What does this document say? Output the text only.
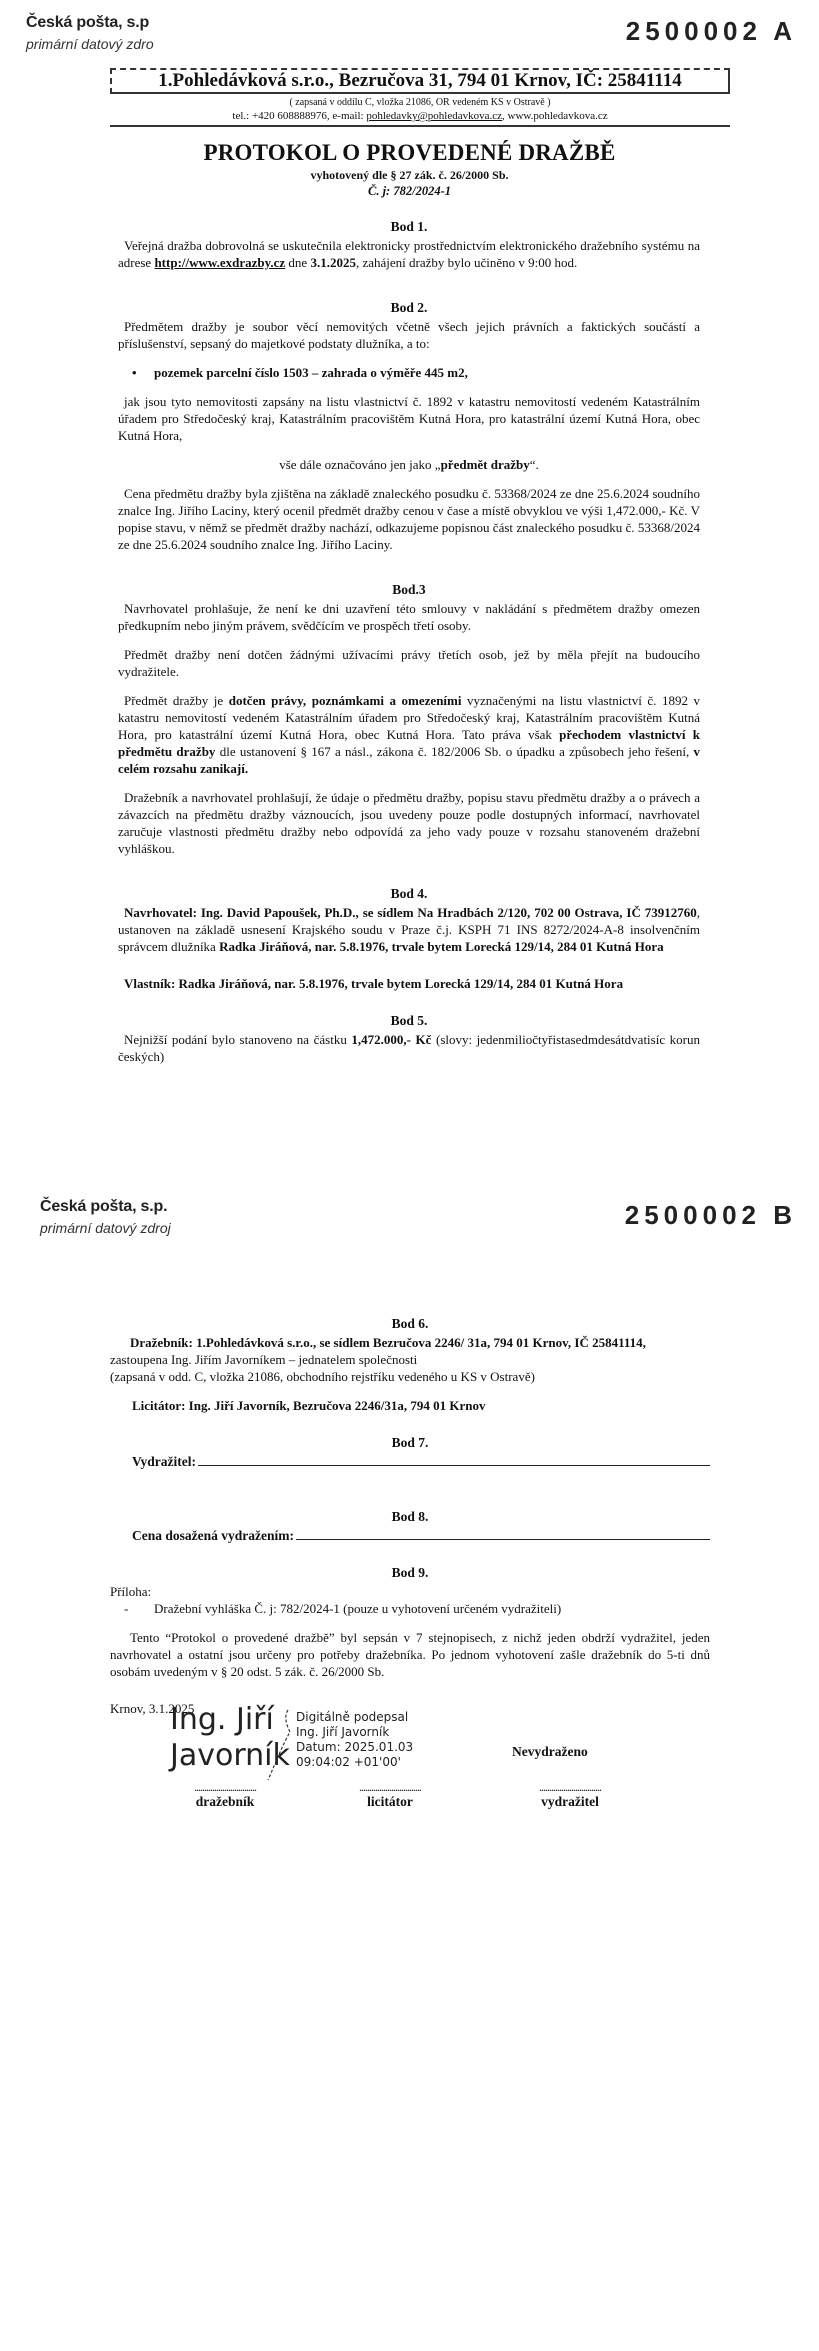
Česká pošta, s.p
primární datový zdro	2500002 A
1.Pohledávková s.r.o., Bezručova 31, 794 01 Krnov, IČ: 25841114
( zapsaná v oddílu C, vložka 21086, OR vedeném KS v Ostravě )
tel.: +420 608888976, e-mail: pohledavky@pohledavkova.cz, www.pohledavkova.cz
PROTOKOL O PROVEDENÉ DRAŽBĚ
vyhotovený dle § 27 zák. č. 26/2000 Sb.
Č. j: 782/2024-1
Bod 1.

Veřejná dražba dobrovolná se uskutečnila elektronicky prostřednictvím elektronického dražebního systému na adrese http://www.exdrazby.cz dne 3.1.2025, zahájení dražby bylo učiněno v 9:00 hod.

Bod 2.

Předmětem dražby je soubor věcí nemovitých včetně všech jejich právních a faktických součástí a příslušenství, sepsaný do majetkové podstaty dlužníka, a to:

• pozemek parcelní číslo 1503 – zahrada o výměře 445 m2,

jak jsou tyto nemovitosti zapsány na listu vlastnictví č. 1892 v katastru nemovitostí vedeném Katastrálním úřadem pro Středočeský kraj, Katastrálním pracovištěm Kutná Hora, pro katastrální území Kutná Hora, obec Kutná Hora,

vše dále označováno jen jako „předmět dražby“.

Cena předmětu dražby byla zjištěna na základě znaleckého posudku č. 53368/2024 ze dne 25.6.2024 soudního znalce Ing. Jiřího Laciny, který ocenil předmět dražby cenou v čase a místě obvyklou ve výši 1,472.000,- Kč. V popise stavu, v němž se předmět dražby nachází, odkazujeme popisnou část znaleckého posudku č. 53368/2024 ze dne 25.6.2024 soudního znalce Ing. Jiřího Laciny.

Bod.3

Navrhovatel prohlašuje, že není ke dni uzavření této smlouvy v nakládání s předmětem dražby omezen předkupním nebo jiným právem, svědčícím ve prospěch třetí osoby.

Předmět dražby není dotčen žádnými užívacími právy třetích osob, jež by měla přejít na budoucího vydražitele.

Předmět dražby je dotčen právy, poznámkami a omezeními vyznačenými na listu vlastnictví č. 1892 v katastru nemovitostí vedeném Katastrálním úřadem pro Středočeský kraj, Katastrálním pracovištěm Kutná Hora, pro katastrální území Kutná Hora, obec Kutná Hora. Tato práva však přechodem vlastnictví k předmětu dražby dle ustanovení § 167 a násl., zákona č. 182/2006 Sb. o úpadku a způsobech jeho řešení, v celém rozsahu zanikají.

Dražebník a navrhovatel prohlašují, že údaje o předmětu dražby, popisu stavu předmětu dražby a o právech a závazcích na předmětu dražby váznoucích, jsou uvedeny pouze podle dostupných informací, navrhovatel zaručuje vlastnosti předmětu dražby nebo odpovídá za jeho vady pouze v rozsahu stanoveném dražební vyhláškou.

Bod 4.

Navrhovatel: Ing. David Papoušek, Ph.D., se sídlem Na Hradbách 2/120, 702 00 Ostrava, IČ 73912760, ustanoven na základě usnesení Krajského soudu v Praze č.j. KSPH 71 INS 8272/2024-A-8 insolvenčním správcem dlužníka Radka Jiráňová, nar. 5.8.1976, trvale bytem Lorecká 129/14, 284 01 Kutná Hora

Vlastník: Radka Jiráňová, nar. 5.8.1976, trvale bytem Lorecká 129/14, 284 01 Kutná Hora

Bod 5.

Nejnižší podání bylo stanoveno na částku 1,472.000,- Kč (slovy: jedenmiliočtyřistasedmdesátdvatisíc korun českých)

Česká pošta, s.p.
primární datový zdroj	2500002 B
Bod 6.

Dražebník: 1.Pohledávková s.r.o., se sídlem Bezručova 2246/ 31a, 794 01 Krnov, IČ 25841114,

zastoupena Ing. Jiřím Javorníkem – jednatelem společnosti

(zapsaná v odd. C, vložka 21086, obchodního rejstříku vedeného u KS v Ostravě)

Licitátor: Ing. Jiří Javorník, Bezručova 2246/31a, 794 01 Krnov

Bod 7.
Vydražitel:
Bod 8.
Cena dosažená vydražením:
Bod 9.

Příloha:

- Dražební vyhláška Č. j: 782/2024-1 (pouze u vyhotovení určeném vydražiteli)

Tento “Protokol o provedené dražbě” byl sepsán v 7 stejnopisech, z nichž jeden obdrží vydražitel, jeden navrhovatel a ostatní jsou určeny pro potřeby dražebníka. Po jednom vyhotovení zašle dražebník do 5-ti dnů osobám uvedeným v § 20 odst. 5 zák. č. 26/2000 Sb.

Krnov, 3.1.2025

Ing. Jiří
Javorník
Digitálně podepsal
Ing. Jiří Javorník
Datum: 2025.01.03
09:04:02 +01'00'
Nevydraženo
...............................
dražebník
...............................
licitátor
...............................
vydražitel
